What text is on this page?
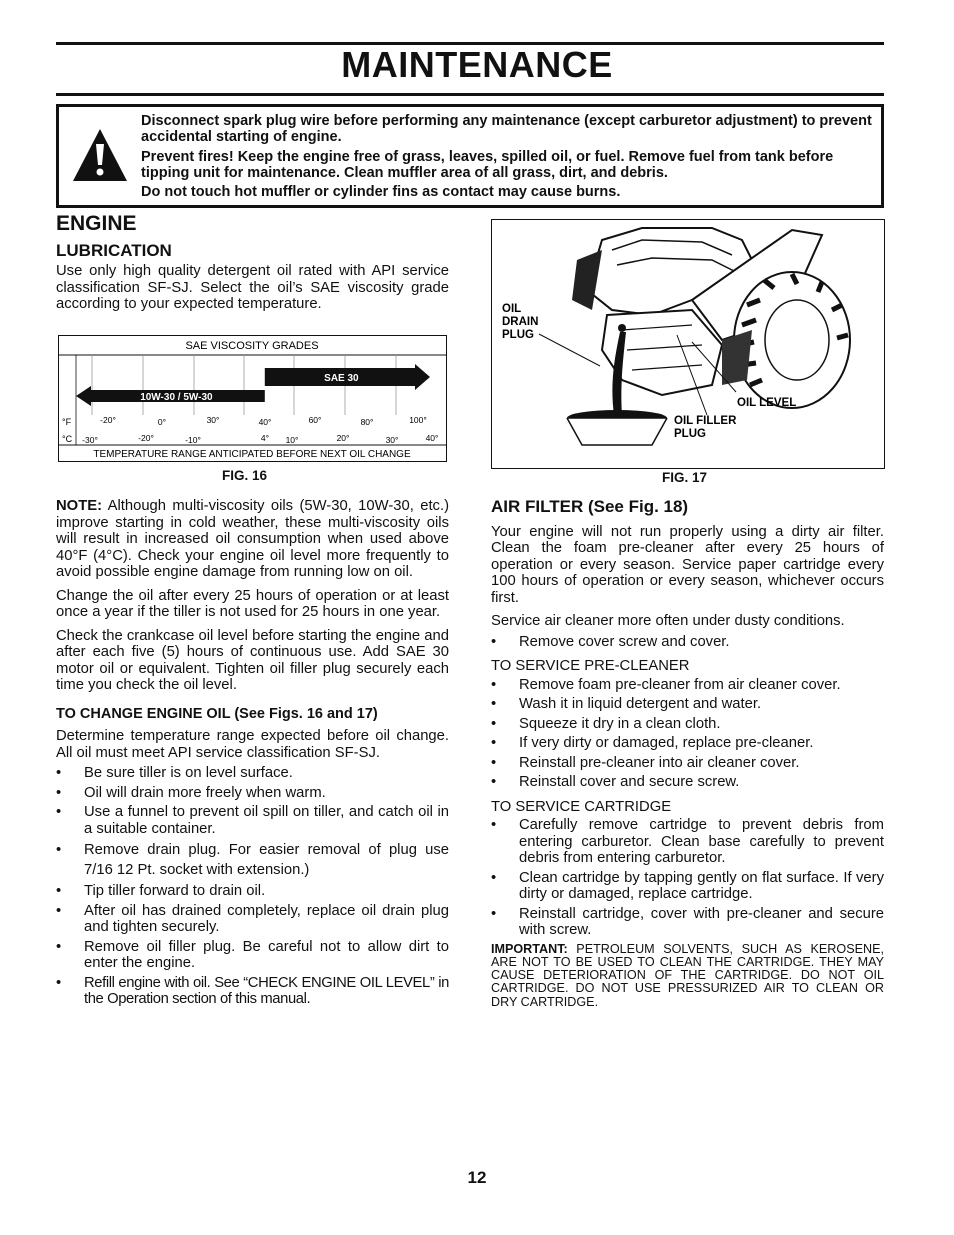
MAINTENANCE

Disconnect spark plug wire before performing any maintenance (except carburetor adjustment) to prevent accidental starting of engine.

Prevent fires! Keep the engine free of grass, leaves, spilled oil, or fuel. Remove fuel from tank before tipping unit for maintenance. Clean muffler area of all grass, dirt, and debris.

Do not touch hot muffler or cylinder fins as contact may cause burns.

ENGINE
LUBRICATION

Use only high quality detergent oil rated with API service classification SF-SJ. Select the oil’s SAE viscosity grade according to your expected temperature.

10W-30 / 5W-30
SAE 30
SAE VISCOSITY GRADES
°F
°C
-20°	0°	30°	40°	60°	80°	100°
-30°	-20°	-10°	4° 10°	20°	30°	40°
TEMPERATURE RANGE ANTICIPATED BEFORE NEXT OIL CHANGE
FIG. 16

NOTE: Although multi-viscosity oils (5W-30, 10W-30, etc.) improve starting in cold weather, these multi-viscosity oils will result in increased oil consumption when used above 40°F (4°C). Check your engine oil level more frequently to avoid possible engine damage from running low on oil.

Change the oil after every 25 hours of operation or at least once a year if the tiller is not used for 25 hours in one year.

Check the crankcase oil level before starting the engine and after each five (5) hours of continuous use. Add SAE 30 motor oil or equivalent. Tighten oil filler plug securely each time you check the oil level.

TO CHANGE ENGINE OIL (See Figs. 16 and 17)

Determine temperature range expected before oil change. All oil must meet API service classification SF-SJ.

• Be sure tiller is on level surface.
• Oil will drain more freely when warm.
• Use a funnel to prevent oil spill on tiller, and catch oil in a suitable container.
• Remove drain plug. For easier removal of plug use 7/16 12 Pt. socket with extension.)
• Tip tiller forward to drain oil.
• After oil has drained completely, replace oil drain plug and tighten securely.
• Remove oil filler plug. Be careful not to allow dirt to enter the engine.
• Refill engine with oil. See “CHECK ENGINE OIL LEVEL” in the Operation section of this manual.
OIL
DRAIN
PLUG
OIL LEVEL
OIL FILLER
PLUG
FIG. 17
AIR FILTER (See Fig. 18)

Your engine will not run properly using a dirty air filter. Clean the foam pre-cleaner after every 25 hours of operation or every season. Service paper cartridge every 100 hours of operation or every season, whichever occurs first.

Service air cleaner more often under dusty conditions.

• Remove cover screw and cover.
TO SERVICE PRE-CLEANER
• Remove foam pre-cleaner from air cleaner cover.
• Wash it in liquid detergent and water.
• Squeeze it dry in a clean cloth.
• If very dirty or damaged, replace pre-cleaner.
• Reinstall pre-cleaner into air cleaner cover.
• Reinstall cover and secure screw.
TO SERVICE CARTRIDGE
• Carefully remove cartridge to prevent debris from entering carburetor. Clean base carefully to prevent debris from entering carburetor.
• Clean cartridge by tapping gently on flat surface. If very dirty or damaged, replace cartridge.
• Reinstall cartridge, cover with pre-cleaner and secure with screw.

IMPORTANT: PETROLEUM SOLVENTS, SUCH AS KEROSENE, ARE NOT TO BE USED TO CLEAN THE CARTRIDGE. THEY MAY CAUSE DETERIORATION OF THE CARTRIDGE. DO NOT OIL CARTRIDGE. DO NOT USE PRESSURIZED AIR TO CLEAN OR DRY CARTRIDGE.

12
